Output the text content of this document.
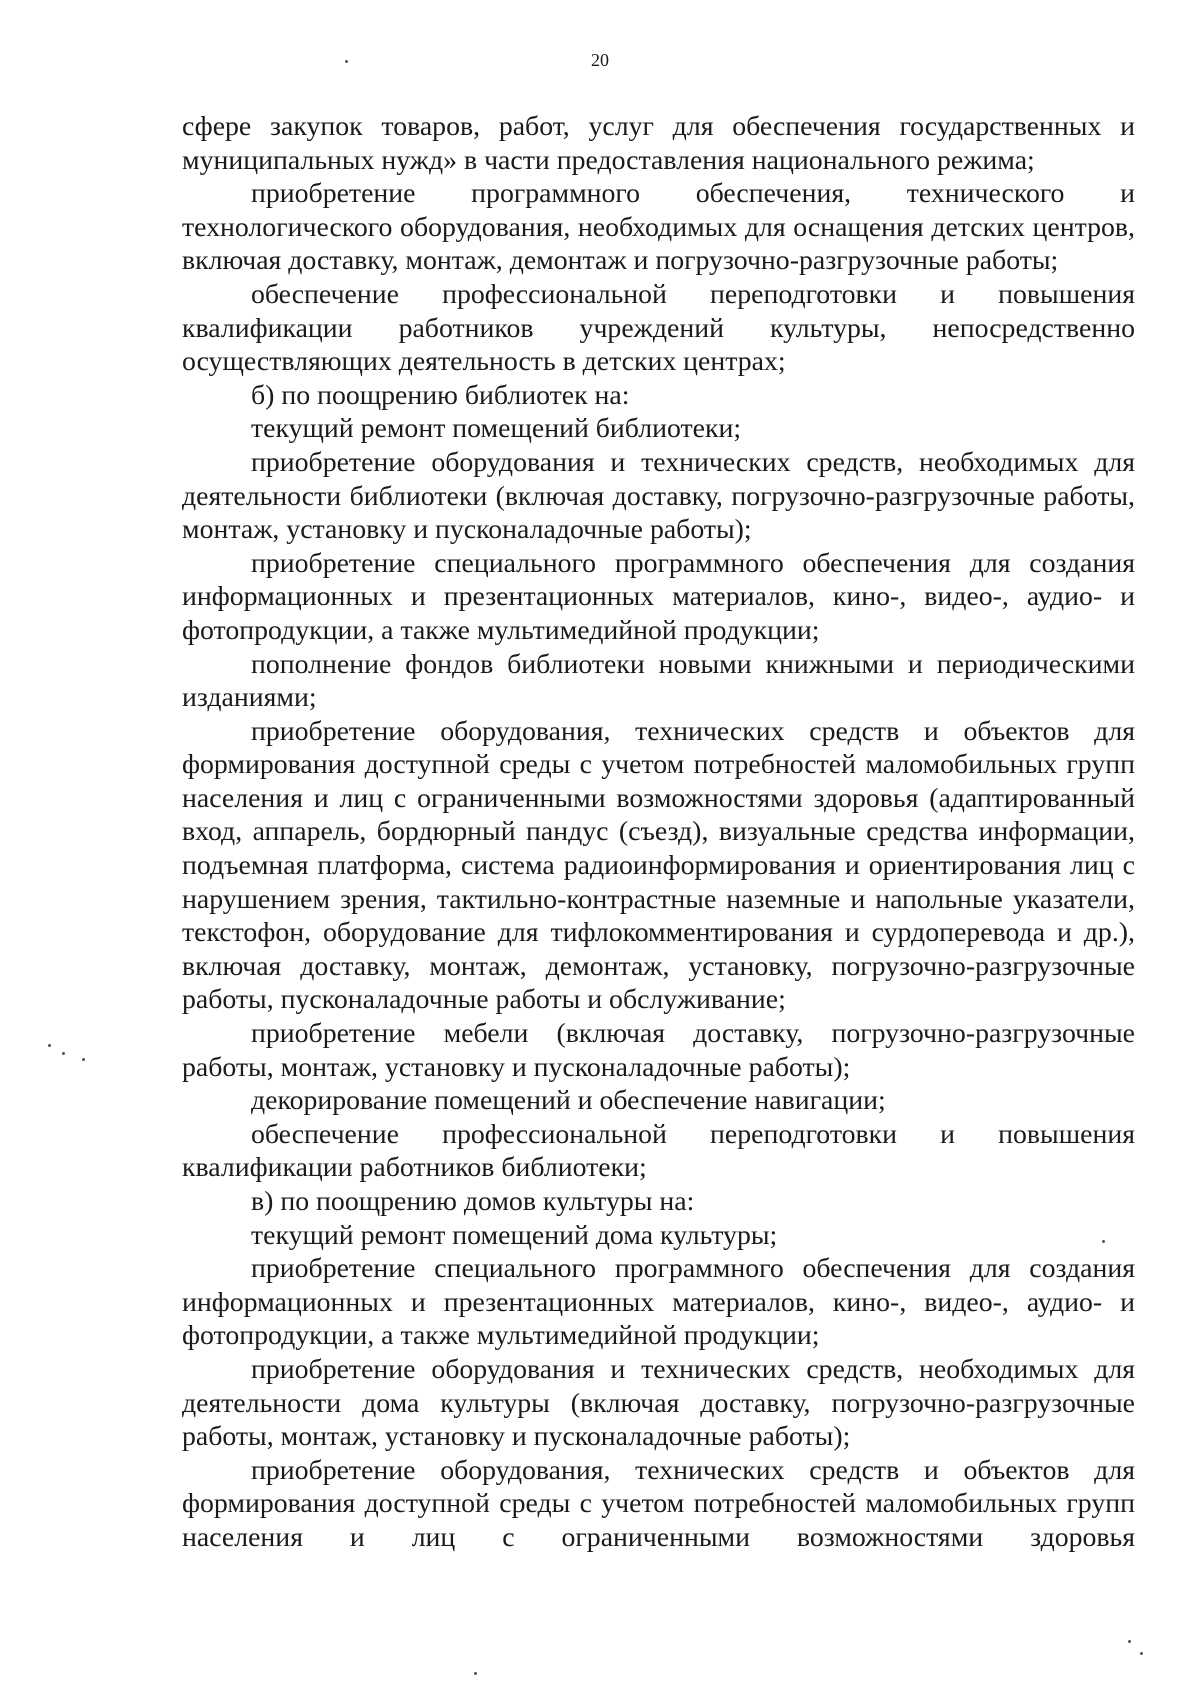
20

сфере закупок товаров, работ, услуг для обеспечения государственных и муниципальных нужд» в части предоставления национального режима;

приобретение программного обеспечения, технического и технологического оборудования, необходимых для оснащения детских центров, включая доставку, монтаж, демонтаж и погрузочно-разгрузочные работы;

обеспечение профессиональной переподготовки и повышения квалификации работников учреждений культуры, непосредственно осуществляющих деятельность в детских центрах;

б) по поощрению библиотек на:

текущий ремонт помещений библиотеки;

приобретение оборудования и технических средств, необходимых для деятельности библиотеки (включая доставку, погрузочно-разгрузочные работы, монтаж, установку и пусконаладочные работы);

приобретение специального программного обеспечения для создания информационных и презентационных материалов, кино-, видео-, аудио- и фотопродукции, а также мультимедийной продукции;

пополнение фондов библиотеки новыми книжными и периодическими изданиями;

приобретение оборудования, технических средств и объектов для формирования доступной среды с учетом потребностей маломобильных групп населения и лиц с ограниченными возможностями здоровья (адаптированный вход, аппарель, бордюрный пандус (съезд), визуальные средства информации, подъемная платформа, система радиоинформирования и ориентирования лиц с нарушением зрения, тактильно-контрастные наземные и напольные указатели, текстофон, оборудование для тифлокомментирования и сурдоперевода и др.), включая доставку, монтаж, демонтаж, установку, погрузочно-разгрузочные работы, пусконаладочные работы и обслуживание;

приобретение мебели (включая доставку, погрузочно-разгрузочные работы, монтаж, установку и пусконаладочные работы);

декорирование помещений и обеспечение навигации;

обеспечение профессиональной переподготовки и повышения квалификации работников библиотеки;

в) по поощрению домов культуры на:

текущий ремонт помещений дома культуры;

приобретение специального программного обеспечения для создания информационных и презентационных материалов, кино-, видео-, аудио- и фотопродукции, а также мультимедийной продукции;

приобретение оборудования и технических средств, необходимых для деятельности дома культуры (включая доставку, погрузочно-разгрузочные работы, монтаж, установку и пусконаладочные работы);

приобретение оборудования, технических средств и объектов для формирования доступной среды с учетом потребностей маломобильных групп населения и лиц с ограниченными возможностями здоровья
